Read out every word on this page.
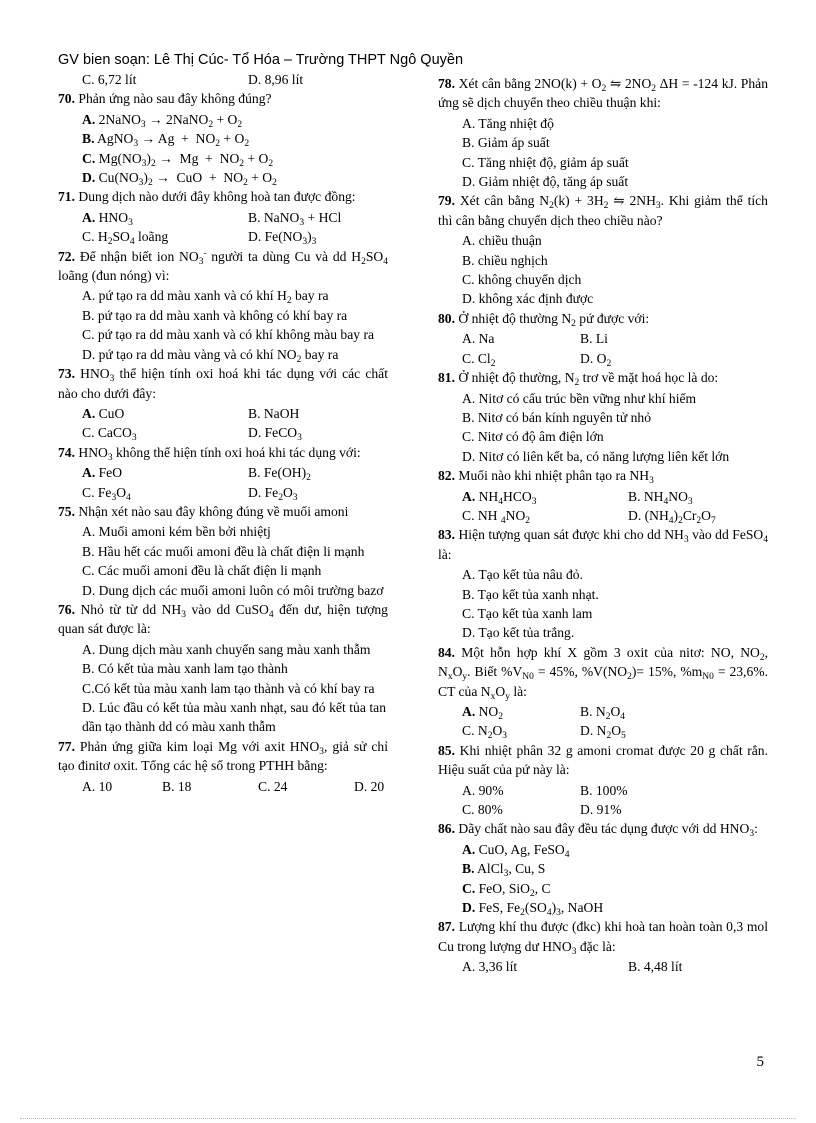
GV bien soạn: Lê Thị Cúc- Tổ Hóa – Trường THPT Ngô Quyền
C. 6,72 lít	D. 8,96 lít
70. Phản ứng nào sau đây không đúng?
A. 2NaNO$_3$ → 2NaNO$_2$ + $O_2$
B. AgNO$_3$ → $Ag + NO_2 + O_2$
C. $Mg(NO_3)_2 \to Mg + NO_2 + O_2$
D. $Cu(NO_3)_2$ →  CuO  +  $NO_2 + O_2$
71. Dung dịch nào dưới đây không hoà tan được đồng:
A. $HNO_3$	B. NaNO$_3$ + HCl
C. $H_2SO_4$ loãng	D. $Fe(NO_3)_3$
72. Để nhận biết ion $NO_3^-$ người ta dùng Cu và dd $H_2SO_4$ loãng (đun nóng) vì:
A. pứ tạo ra dd màu xanh và có khí $H_2$ bay ra
B. pứ tạo ra dd màu xanh và không có khí bay ra
C. pứ tạo ra dd màu xanh và có khí không màu bay ra
D. pứ tạo ra dd màu vàng và có khí $NO_2$ bay ra
73. $HNO_3$ thể hiện tính oxi hoá khi tác dụng với các chất nào cho dưới đây:
A. CuO	B. NaOH
C. CaCO$_3$	D. FeCO$_3$
74. $HNO_3$ không thể hiện tính oxi hoá khi tác dụng với:
A. FeO	B. $Fe(OH)_2$
C. $Fe_3O_4$	D. $Fe_2O_3$
75. Nhận xét nào sau đây không đúng về muối amoni
A. Muối amoni kém bền bởi nhiệtj
B. Hầu hết các muối amoni đều là chất điện li mạnh
C. Các muối amoni đều là chất điện li mạnh
D. Dung dịch các muối amoni luôn có môi trường bazơ
76. Nhỏ từ từ dd $NH_3$ vào dd CuSO$_4$ đến dư, hiện tượng quan sát được là:
A. Dung dịch màu xanh chuyển sang màu xanh thẫm
B. Có kết tủa màu xanh lam tạo thành
C.Có kết tủa màu xanh lam tạo thành và có khí bay ra
D. Lúc đầu có kết tủa màu xanh nhạt, sau đó kết tủa tan dần tạo thành dd có màu xanh thẫm
77. Phản ứng giữa kim loại Mg với axit $HNO_3$, giả sử chỉ tạo đinitơ oxit. Tổng các hệ số trong PTHH bằng:
A. 10	B. 18	C. 24	D. 20
78. Xét cân bằng $2NO(k) + O_2$ ⇋ $2NO_2$ ΔH = -124 kJ. Phản ứng sẽ dịch chuyển theo chiều thuận khi:
A. Tăng nhiệt độ
B. Giảm áp suất
C. Tăng nhiệt độ, giảm áp suất
D. Giảm nhiệt độ, tăng áp suất
79. Xét cân bằng $N_2(k) + 3H_2$ ⇋ $2NH_3$. Khi giảm thể tích thì cân bằng chuyển dịch theo chiều nào?
A. chiều thuận
B. chiều nghịch
C. không chuyển dịch
D. không xác định được
80. Ở nhiệt độ thường $N_2$ pứ được với:
A. Na	B. Li
C. $Cl_2$	D. $O_2$
81. Ở nhiệt độ thường, $N_2$ trơ về mặt hoá học là do:
A. Nitơ có cấu trúc bền vững như khí hiếm
B. Nitơ có bán kính nguyên tử nhỏ
C. Nitơ có độ âm điện lớn
D. Nitơ có liên kết ba, có năng lượng liên kết lớn
82. Muối nào khi nhiệt phân tạo ra $NH_3$
A. $NH_4HCO_3$	B. $NH_4NO_3$
C. NH $_4NO_2$	D. $(NH_4)_2Cr_2O_7$
83. Hiện tượng quan sát được khi cho dd $NH_3$ vào dd FeSO$_4$ là:
A. Tạo kết tủa nâu đỏ.
B. Tạo kết tủa xanh nhạt.
C. Tạo kết tủa xanh lam
D. Tạo kết tủa trắng.
84. Một hỗn hợp khí X gồm 3 oxit của nitơ: NO, $NO_2$, $N_xO_y$. Biết $\%V_{N0} = 45\%$, $\%V(NO_2)= 15\%$, $\%m_{N0} = 23,6\%$. CT của $N_xO_y$ là:
A. $NO_2$	B. $N_2O_4$
C. $N_2O_3$	D. $N_2O_5$
85. Khi nhiệt phân 32 g amoni cromat được 20 g chất rắn. Hiệu suất của pứ này là:
A. 90%	B. 100%
C. 80%	D. 91%
86. Dãy chất nào sau đây đều tác dụng được với dd $HNO_3$:
A. CuO, Ag, FeSO$_4$
B. AlCl$_3$, Cu, S
C. FeO, SiO$_2$, C
D. FeS, $Fe_2(SO_4)_3$, NaOH
87. Lượng khí thu được (đkc) khi hoà tan hoàn toàn 0,3 mol Cu trong lượng dư $HNO_3$ đặc là:
A. 3,36 lít	B. 4,48 lít
5
